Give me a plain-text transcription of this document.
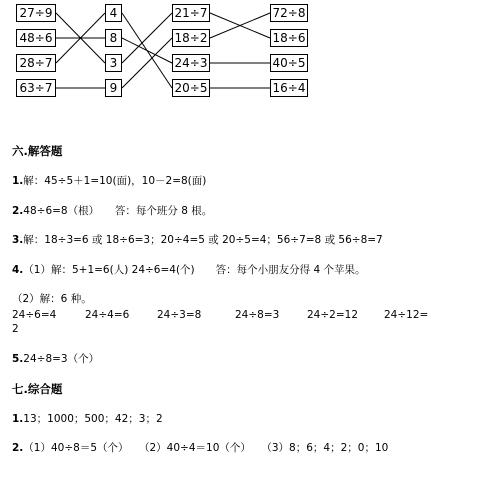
27÷9
48÷6
28÷7
63÷7
4
8
3
9
21÷7
18÷2
24÷3
20÷5
72÷8
18÷6
40÷5
16÷4
六.解答题
1.解：45÷5＋1=10(面)，10－2=8(面)
2.48÷6=8（根）　　答：每个班分 8 根。
3.解：18÷3=6 或 18÷6=3；20÷4=5 或 20÷5=4；56÷7=8 或 56÷8=7
4.（1）解：5+1=6(人) 24÷6=4(个)　　答：每个小朋友分得 4 个苹果。
（2）解：6 种。
24÷6=4	24÷4=6	24÷3=8	24÷8=3	24÷2=12 24÷12=
2
5.24÷8=3（个）
七.综合题
1.13；1000；500；42；3；2
2.（1）40÷8＝5（个）　　（2）40÷4＝10（个）　　（3）8；6；4；2；0；10
